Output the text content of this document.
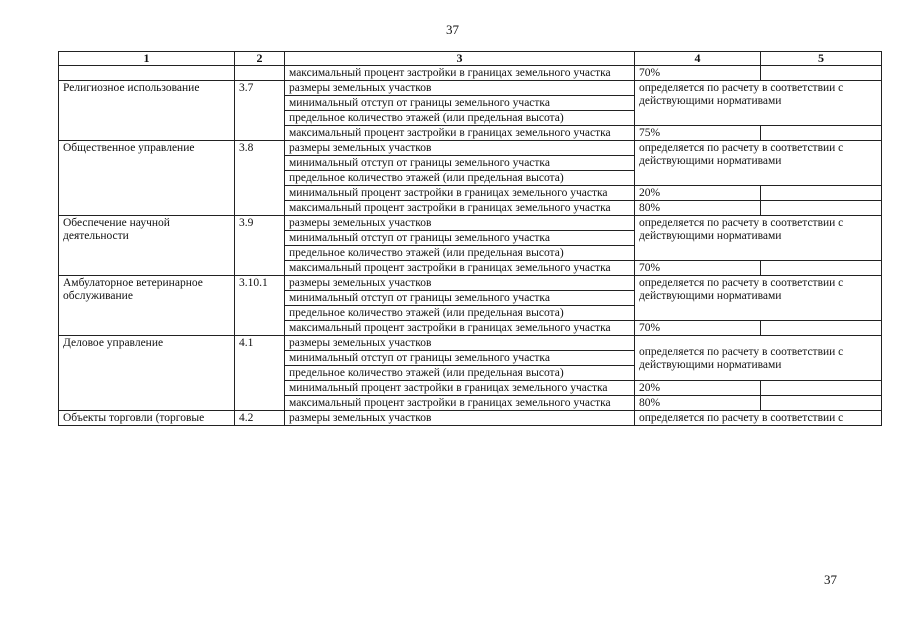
37
1	2	3	4	5
		максимальный процент застройки в границах земельного участка	70%	
Религиозное использование	3.7	размеры земельных участков	определяется по расчету в соответствии с действующими нормативами	
		минимальный отступ от границы земельного участка		
		предельное количество этажей (или предельная высота)		
		максимальный процент застройки в границах земельного участка	75%	
Общественное управление	3.8	размеры земельных участков	определяется по расчету в соответствии с действующими нормативами	
		минимальный отступ от границы земельного участка		
		предельное количество этажей (или предельная высота)		
		минимальный процент застройки в границах земельного участка	20%	
		максимальный процент застройки в границах земельного участка	80%	
Обеспечение научной деятельности	3.9	размеры земельных участков	определяется по расчету в соответствии с действующими нормативами	
		минимальный отступ от границы земельного участка		
		предельное количество этажей (или предельная высота)		
		максимальный процент застройки в границах земельного участка	70%	
Амбулаторное ветеринарное обслуживание	3.10.1	размеры земельных участков	определяется по расчету в соответствии с действующими нормативами	
		минимальный отступ от границы земельного участка		
		предельное количество этажей (или предельная высота)		
		максимальный процент застройки в границах земельного участка	70%	
Деловое управление	4.1	размеры земельных участков	определяется по расчету в соответствии с действующими нормативами	
		минимальный отступ от границы земельного участка		
		предельное количество этажей (или предельная высота)		
		минимальный процент застройки в границах земельного участка	20%	
		максимальный процент застройки в границах земельного участка	80%	
Объекты торговли (торговые	4.2	размеры земельных участков	определяется по расчету в соответствии с	
37
